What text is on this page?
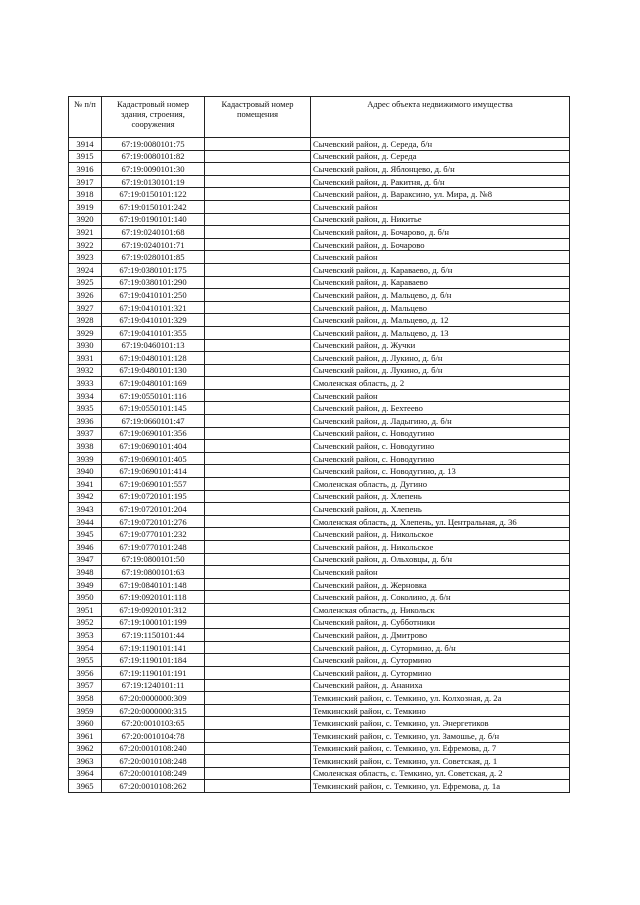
№ п/п	Кадастровый номер здания, строения, сооружения	Кадастровый номер помещения	Адрес объекта недвижимого имущества
3914	67:19:0080101:75		Сычевский район, д. Середа, б/н
3915	67:19:0080101:82		Сычевский район, д. Середа
3916	67:19:0090101:30		Сычевский район, д. Яблонцево, д. б/н
3917	67:19:0130101:19		Сычевский район, д. Ракитня, д. б/н
3918	67:19:0150101:122		Сычевский район, д. Вараксино, ул. Мира, д. №8
3919	67:19:0150101:242		Сычевский район
3920	67:19:0190101:140		Сычевский район, д. Никитье
3921	67:19:0240101:68		Сычевский район, д. Бочарово, д. б/н
3922	67:19:0240101:71		Сычевский район, д. Бочарово
3923	67:19:0280101:85		Сычевский район
3924	67:19:0380101:175		Сычевский район, д. Караваево, д. б/н
3925	67:19:0380101:290		Сычевский район, д. Караваево
3926	67:19:0410101:250		Сычевский район, д. Мальцево, д. б/н
3927	67:19:0410101:321		Сычевский район, д. Мальцево
3928	67:19:0410101:329		Сычевский район, д. Мальцево, д. 12
3929	67:19:0410101:355		Сычевский район, д. Мальцево, д. 13
3930	67:19:0460101:13		Сычевский район, д. Жучки
3931	67:19:0480101:128		Сычевский район, д. Лукино, д. б/н
3932	67:19:0480101:130		Сычевский район, д. Лукино, д. б/н
3933	67:19:0480101:169		Смоленская область, д. 2
3934	67:19:0550101:116		Сычевский район
3935	67:19:0550101:145		Сычевский район, д. Бехтеево
3936	67:19:0660101:47		Сычевский район, д. Ладыгино, д. б/н
3937	67:19:0690101:356		Сычевский район, с. Новодугино
3938	67:19:0690101:404		Сычевский район, с. Новодугино
3939	67:19:0690101:405		Сычевский район, с. Новодугино
3940	67:19:0690101:414		Сычевский район, с. Новодугино, д. 13
3941	67:19:0690101:557		Смоленская область, д. Дугино
3942	67:19:0720101:195		Сычевский район, д. Хлепень
3943	67:19:0720101:204		Сычевский район, д. Хлепень
3944	67:19:0720101:276		Смоленская область, д. Хлепень, ул. Центральная, д. 36
3945	67:19:0770101:232		Сычевский район, д. Никольское
3946	67:19:0770101:248		Сычевский район, д. Никольское
3947	67:19:0800101:50		Сычевский район, д. Ольховцы, д. б/н
3948	67:19:0800101:63		Сычевский район
3949	67:19:0840101:148		Сычевский район, д. Жерновка
3950	67:19:0920101:118		Сычевский район, д. Соколино, д. б/н
3951	67:19:0920101:312		Смоленская область, д. Никольск
3952	67:19:1000101:199		Сычевский район, д. Субботники
3953	67:19:1150101:44		Сычевский район, д. Дмитрово
3954	67:19:1190101:141		Сычевский район, д. Сутормино, д. б/н
3955	67:19:1190101:184		Сычевский район, д. Сутормино
3956	67:19:1190101:191		Сычевский район, д. Сутормино
3957	67:19:1240101:11		Сычевский район, д. Ананиха
3958	67:20:0000000:309		Темкинский район, с. Темкино, ул. Колхозная, д. 2а
3959	67:20:0000000:315		Темкинский район, с. Темкино
3960	67:20:0010103:65		Темкинский район, с. Темкино, ул. Энергетиков
3961	67:20:0010104:78		Темкинский район, с. Темкино, ул. Замошье, д. б/н
3962	67:20:0010108:240		Темкинский район, с. Темкино, ул. Ефремова, д. 7
3963	67:20:0010108:248		Темкинский район, с. Темкино, ул. Советская, д. 1
3964	67:20:0010108:249		Смоленская область, с. Темкино, ул. Советская, д. 2
3965	67:20:0010108:262		Темкинский район, с. Темкино, ул. Ефремова, д. 1а
